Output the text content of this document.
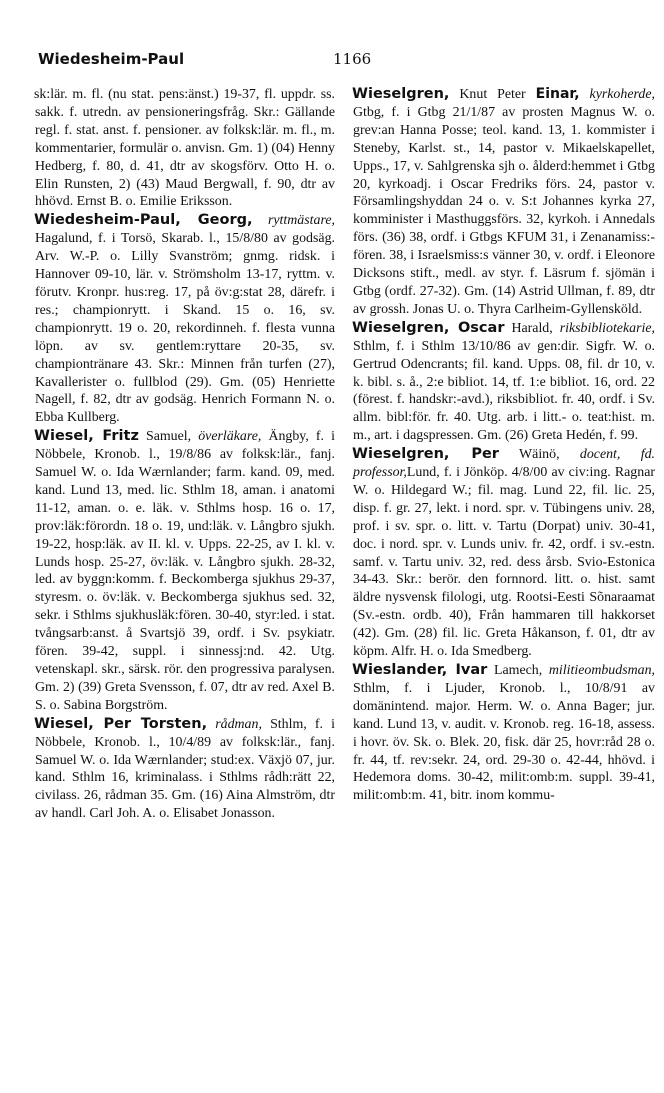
Wiedesheim-Paul	1166

sk:lär. m. fl. (nu stat. pens:änst.) 19-37, fl. uppdr. ss. sakk. f. utredn. av pensioneringsfråg. Skr.: Gällande regl. f. stat. anst. f. pensioner. av folksk:lär. m. fl., m. kommentarier, formulär o. anvisn. Gm. 1) (04) Henny Hedberg, f. 80, d. 41, dtr av skogsförv. Otto H. o. Elin Runsten, 2) (43) Maud Bergwall, f. 90, dtr av hhövd. Ernst B. o. Emilie Eriksson.

Wiedesheim-Paul, Georg, ryttmästare, Hagalund, f. i Torsö, Skarab. l., 15/8/80 av godsäg. Arv. W.-P. o. Lilly Svanström; gnmg. ridsk. i Hannover 09-10, lär. v. Strömsholm 13-17, ryttm. v. förutv. Kronpr. hus:reg. 17, på öv:g:stat 28, därefr. i res.; championrytt. i Skand. 15 o. 16, sv. championrytt. 19 o. 20, rekordinneh. f. flesta vunna löpn. av sv. gentlem:ryttare 20-35, sv. championtränare 43. Skr.: Minnen från turfen (27), Kavallerister o. fullblod (29). Gm. (05) Henriette Nagell, f. 82, dtr av godsäg. Henrich Formann N. o. Ebba Kullberg.

Wiesel, Fritz Samuel, överläkare, Ängby, f. i Nöbbele, Kronob. l., 19/8/86 av folksk:lär., fanj. Samuel W. o. Ida Wærnlander; farm. kand. 09, med. kand. Lund 13, med. lic. Sthlm 18, aman. i anatomi 11-12, aman. o. e. läk. v. Sthlms hosp. 16 o. 17, prov:läk:förordn. 18 o. 19, und:läk. v. Långbro sjukh. 19-22, hosp:läk. av II. kl. v. Upps. 22-25, av I. kl. v. Lunds hosp. 25-27, öv:läk. v. Långbro sjukh. 28-32, led. av byggn:komm. f. Beckomberga sjukhus 29-37, styresm. o. öv:läk. v. Beckomberga sjukhus sed. 32, sekr. i Sthlms sjukhusläk:fören. 30-40, styr:led. i stat. tvångsarb:anst. å Svartsjö 39, ordf. i Sv. psykiatr. fören. 39-42, suppl. i sinnessj:nd. 42. Utg. vetenskapl. skr., särsk. rör. den progressiva paralysen. Gm. 2) (39) Greta Svensson, f. 07, dtr av red. Axel B. S. o. Sabina Borgström.

Wiesel, Per Torsten, rådman, Sthlm, f. i Nöbbele, Kronob. l., 10/4/89 av folksk:lär., fanj. Samuel W. o. Ida Wærnlander; stud:ex. Växjö 07, jur. kand. Sthlm 16, kriminalass. i Sthlms rådh:rätt 22, civilass. 26, rådman 35. Gm. (16) Aina Almström, dtr av handl. Carl Joh. A. o. Elisabet Jonasson.

Wieselgren, Knut Peter Einar, kyrkoherde, Gtbg, f. i Gtbg 21/1/87 av prosten Magnus W. o. grev:an Hanna Posse; teol. kand. 13, 1. kommister i Steneby, Karlst. st., 14, pastor v. Mikaelskapellet, Upps., 17, v. Sahlgrenska sjh o. ålderd:hemmet i Gtbg 20, kyrkoadj. i Oscar Fredriks förs. 24, pastor v. Församlingshyddan 24 o. v. S:t Johannes kyrka 27, komminister i Masthuggsförs. 32, kyrkoh. i Annedals förs. (36) 38, ordf. i Gtbgs KFUM 31, i Zenanamiss:-fören. 38, i Israelsmiss:s vänner 30, v. ordf. i Eleonore Dicksons stift., medl. av styr. f. Läsrum f. sjömän i Gtbg (ordf. 27-32). Gm. (14) Astrid Ullman, f. 89, dtr av grossh. Jonas U. o. Thyra Carlheim-Gyllensköld.

Wieselgren, Oscar Harald, riksbibliotekarie, Sthlm, f. i Sthlm 13/10/86 av gen:dir. Sigfr. W. o. Gertrud Odencrants; fil. kand. Upps. 08, fil. dr 10, v. k. bibl. s. å., 2:e bibliot. 14, tf. 1:e bibliot. 16, ord. 22 (förest. f. handskr:-avd.), riksbibliot. fr. 40, ordf. i Sv. allm. bibl:för. fr. 40. Utg. arb. i litt.- o. teat:hist. m. m., art. i dagspressen. Gm. (26) Greta Hedén, f. 99.

Wieselgren, Per Wäinö, docent, fd. professor,Lund, f. i Jönköp. 4/8/00 av civ:ing. Ragnar W. o. Hildegard W.; fil. mag. Lund 22, fil. lic. 25, disp. f. gr. 27, lekt. i nord. spr. v. Tübingens univ. 28, prof. i sv. spr. o. litt. v. Tartu (Dorpat) univ. 30-41, doc. i nord. spr. v. Lunds univ. fr. 42, ordf. i sv.-estn. samf. v. Tartu univ. 32, red. dess årsb. Svio-Estonica 34-43. Skr.: berör. den fornnord. litt. o. hist. samt äldre nysvensk filologi, utg. Rootsi-Eesti Sõnaraamat (Sv.-estn. ordb. 40), Från hammaren till hakkorset (42). Gm. (28) fil. lic. Greta Håkanson, f. 01, dtr av köpm. Alfr. H. o. Ida Smedberg.

Wieslander, Ivar Lamech, militieombudsman, Sthlm, f. i Ljuder, Kronob. l., 10/8/91 av domänintend. major. Herm. W. o. Anna Bager; jur. kand. Lund 13, v. audit. v. Kronob. reg. 16-18, assess. i hovr. öv. Sk. o. Blek. 20, fisk. där 25, hovr:råd 28 o. fr. 44, tf. rev:sekr. 24, ord. 29-30 o. 42-44, hhövd. i Hedemora doms. 30-42, milit:omb:m. suppl. 39-41, milit:omb:m. 41, bitr. inom kommu-
